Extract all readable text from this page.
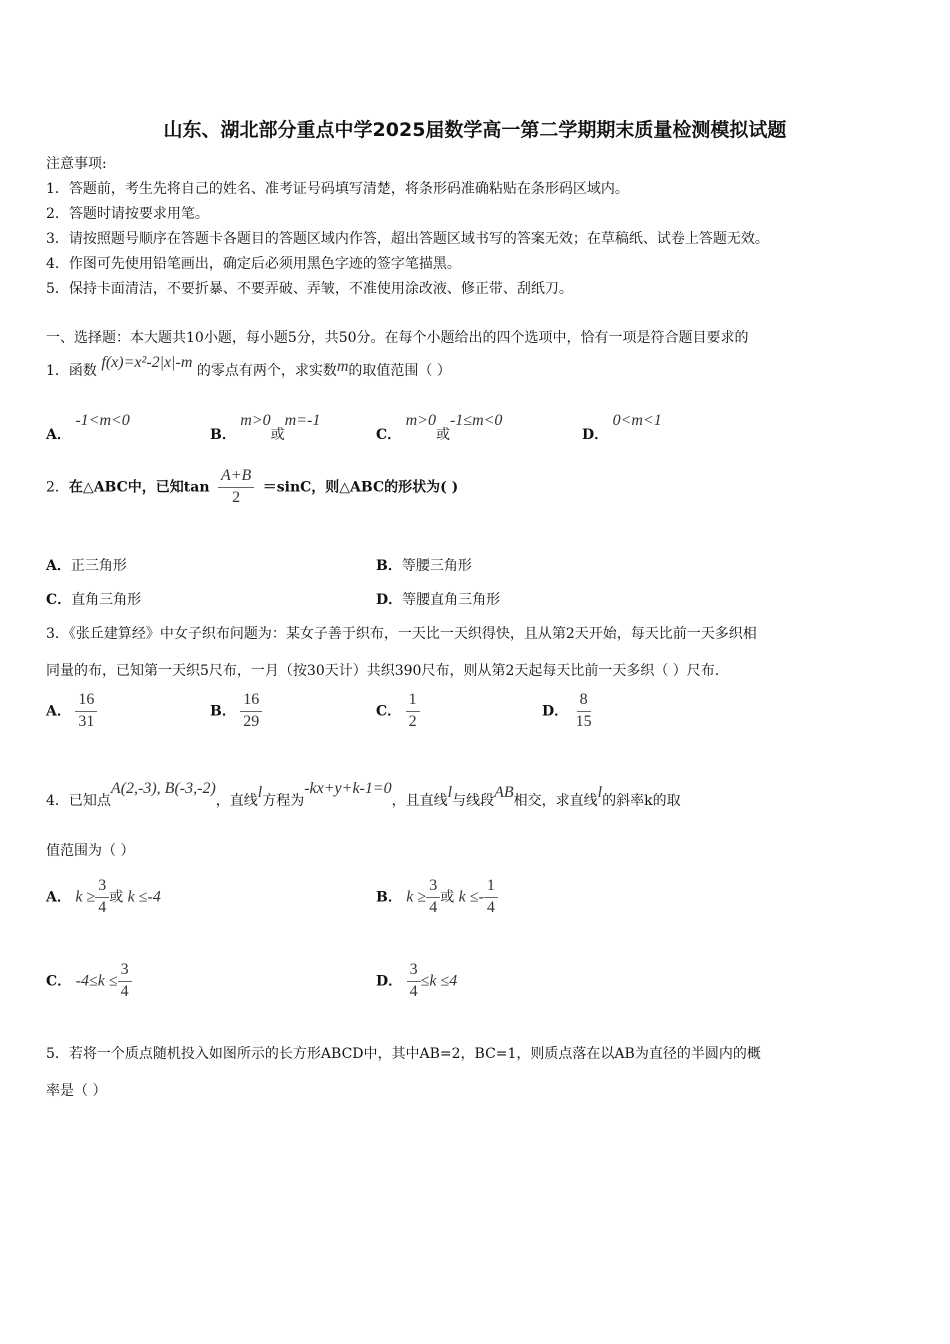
山东、湖北部分重点中学2025届数学高一第二学期期末质量检测模拟试题
注意事项:
1．答题前，考生先将自己的姓名、准考证号码填写清楚，将条形码准确粘贴在条形码区域内。
2．答题时请按要求用笔。
3．请按照题号顺序在答题卡各题目的答题区域内作答，超出答题区域书写的答案无效；在草稿纸、试卷上答题无效。
4．作图可先使用铅笔画出，确定后必须用黑色字迹的签字笔描黑。
5．保持卡面清洁，不要折暴、不要弄破、弄皱，不准使用涂改液、修正带、刮纸刀。
一、选择题：本大题共10小题，每小题5分，共50分。在每个小题给出的四个选项中，恰有一项是符合题目要求的
1．函数 f(x)=x²-2|x|-m 的零点有两个，求实数m的取值范围（ ）
A． -1<m<0
B． m>0或m=-1
C． m>0或-1≤m<0
D． 0<m<1
2．在△ABC中，已知$\tan \frac{A+B}{2} =\sin C$，则△ABC的形状为( )
A．正三角形	B．等腰三角形
C．直角三角形	D．等腰直角三角形
3．《张丘建算经》中女子织布问题为：某女子善于织布，一天比一天织得快，且从第2天开始，每天比前一天多织相
同量的布，已知第一天织5尺布，一月（按30天计）共织390尺布，则从第2天起每天比前一天多织（ ）尺布.
A． $\frac{16}{31}$	B． $\frac{16}{29}$	C． $\frac{1}{2}$	D． $\frac{8}{15}$
4．已知点A(2,-3), B(-3,-2)，直线l方程为-kx+y+k-1=0，且直线l与线段AB相交，求直线l的斜率k的取
值范围为（ ）
A． $k \ge \frac{3}{4}$ 或 k ≤-4	B． $k \ge \frac{3}{4}$ 或 $k \le- \frac{1}{4}$
C． $-4\le k \le \frac{3}{4}$	D． $\frac{3}{4} \le k \le 4$
5．若将一个质点随机投入如图所示的长方形ABCD中，其中AB=2，BC=1，则质点落在以AB为直径的半圆内的概
率是（ ）
